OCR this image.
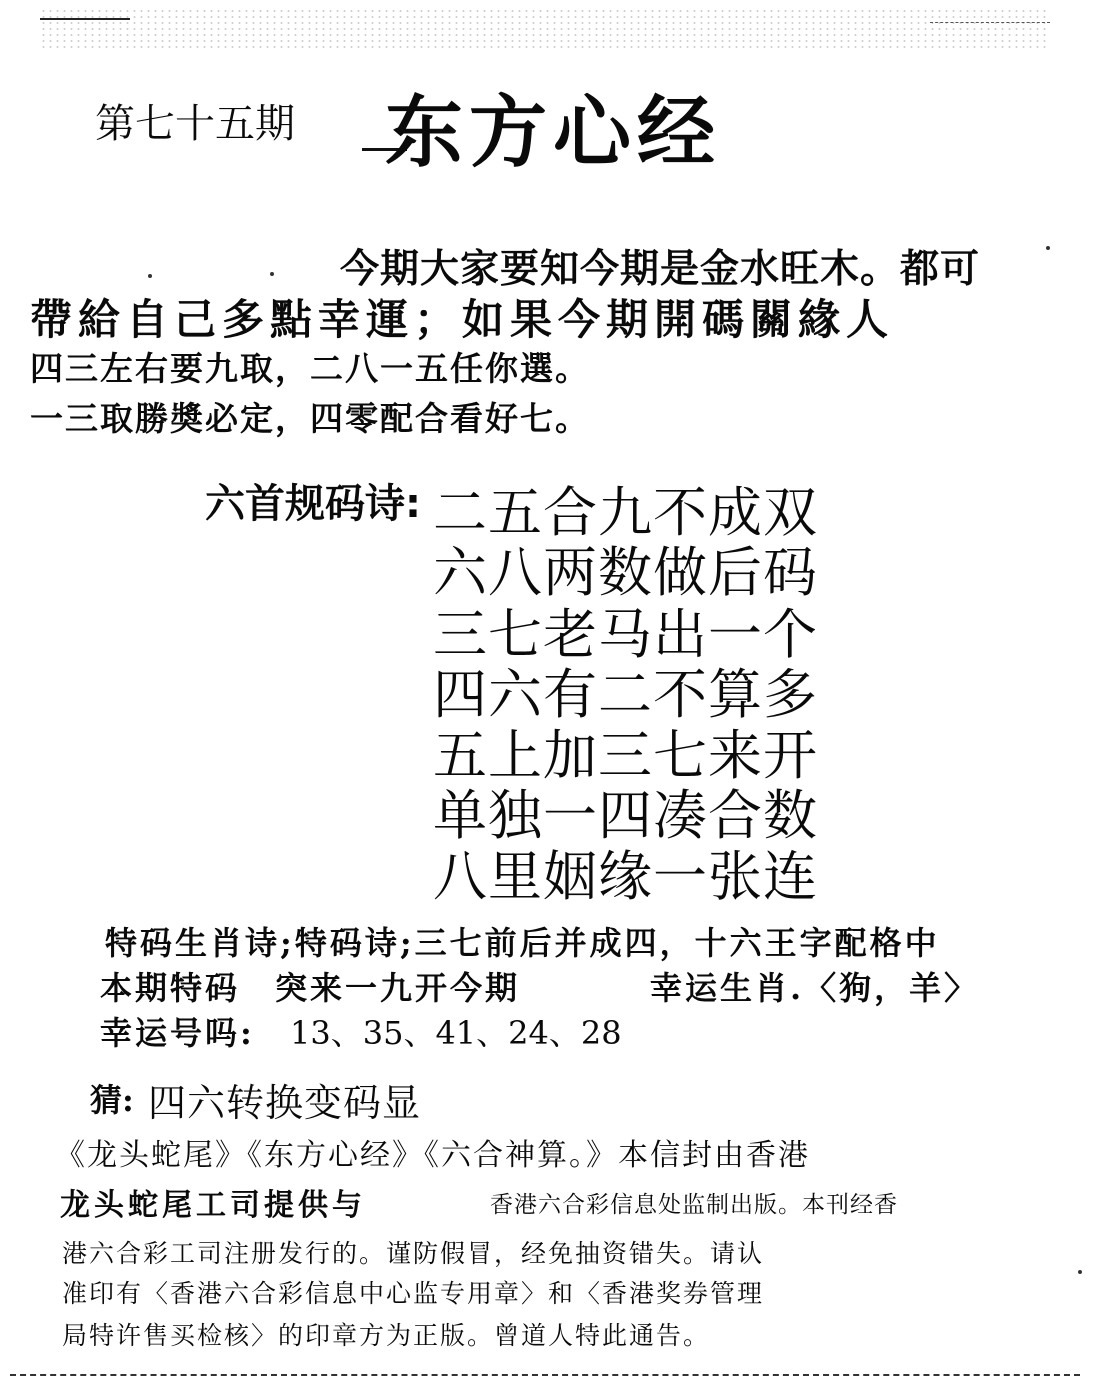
第七十五期 东方心经
今期大家要知今期是金水旺木。都可
帶給自己多點幸運；如果今期開碼關緣人
四三左右要九取，二八一五任你選。
一三取勝奬必定，四零配合看好七。
六首规码诗: 二五合九不成双
六八两数做后码
三七老马出一个
四六有二不算多
五上加三七来开
单独一四凑合数
八里姻缘一张连
特码生肖诗;特码诗;三七前后并成四，十六王字配格中
本期特码　突来一九开今期	幸运生肖.〈狗，羊〉
幸运号吗: 13、35、41、24、28
猜: 四六转换变码显
《龙头蛇尾》《东方心经》《六合神算。》本信封由香港
龙头蛇尾工司提供与	香港六合彩信息处监制出版。本刊经香
港六合彩工司注册发行的。谨防假冒，经免抽资错失。请认
准印有〈香港六合彩信息中心监专用章〉和〈香港奖券管理
局特许售买检核〉的印章方为正版。曾道人特此通告。
